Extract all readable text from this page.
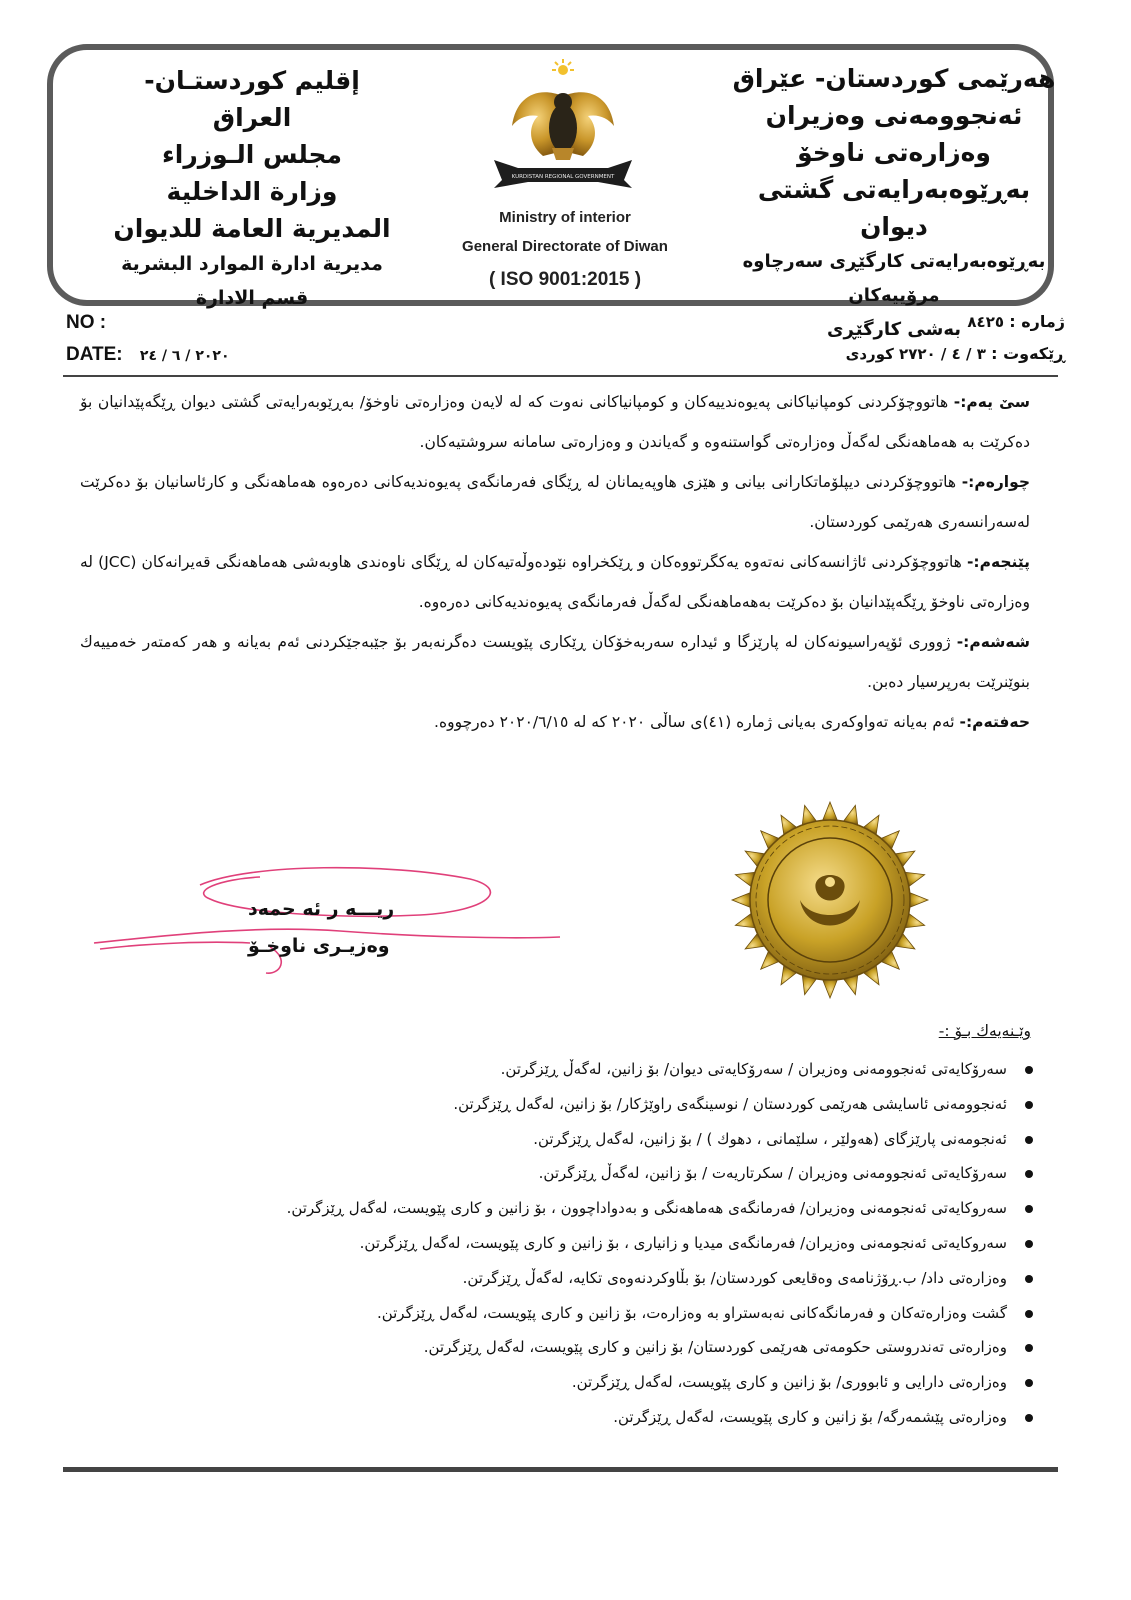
هەرێمی کوردستان- عێراق
ئەنجوومەنی وەزیران
وەزارەتی ناوخۆ
بەڕێوەبەرایەتی گشتی دیوان
بەڕێوەبەرایەتی كارگێڕی سەرچاوە مرۆییەکان
بەشی كارگێڕی
إقليم كوردستـان- العراق
مجلس الـوزراء
وزارة الداخلية
المديرية العامة للديوان
مديرية ادارة الموارد البشرية
قسم الادارة
KURDISTAN REGIONAL GOVERNMENT
Ministry of interior
General Directorate of Diwan
( ISO 9001:2015 )
NO :	ژمارە : ٨٤٢٥
DATE: ٢٠٢٠ / ٦ / ٢٤	ڕێکەوت : ٣ / ٤ / ٢٧٢٠ كوردی

سێ یەم:- هاتووچۆکردنی کومپانیاکانی پەیوەندییەکان و کومپانیاکانی نەوت کە لە لایەن وەزارەتی ناوخۆ/ بەڕێوبەرایەتی گشتی دیوان ڕێگەپێدانیان بۆ دەکرێت بە هەماهەنگی لەگەڵ وەزارەتی گواستنەوە و گەیاندن و وەزارەتی سامانە سروشتیەکان.

چوارەم:- هاتووچۆکردنی دیپلۆماتکارانی بیانی و هێزی هاوپەیمانان لە ڕێگای فەرمانگەی پەیوەندیەکانی دەرەوە هەماهەنگی و کارئاسانیان بۆ دەکرێت لەسەرانسەری هەرێمی کوردستان.

پێنجەم:- هاتووچۆکردنی ئاژانسەکانی نەتەوە یەکگرتووەکان و ڕێکخراوە نێودەوڵەتیەکان لە ڕێگای ناوەندی هاوبەشی هەماهەنگی قەیرانەکان (JCC) لە وەزارەتی ناوخۆ ڕێگەپێدانیان بۆ دەکرێت بەهەماهەنگی لەگەڵ فەرمانگەی پەیوەندیەکانی دەرەوە.

شەشەم:- ژووری ئۆپەراسیونەکان لە پارێزگا و ئیدارە سەربەخۆکان ڕێکاری پێویست دەگرنەبەر بۆ جێبەجێکردنی ئەم بەیانە و هەر کەمتەر خەمییەك بنوێنرێت بەرپرسیار دەبن.

حەفتەم:- ئەم بەیانە تەواوکەری بەیانی ژمارە (٤١)ی ساڵی ٢٠٢٠ کە لە ٢٠٢٠/٦/١٥ دەرچووە.

ریـــە ر ئە حمەد
وەزیـری ناوخـۆ
وێـنەیەك بـۆ :-
سەرۆكایەتی ئەنجوومەنی وەزیران / سەرۆكایەتی دیوان/ بۆ زانین، لەگەڵ ڕێزگرتن.
ئەنجوومەنی ئاسایشی هەرێمی کوردستان / نوسینگەی راوێژکار/ بۆ زانین، لەگەل ڕێزگرتن.
ئەنجومەنی پارێزگای (هەولێر ، سلێمانی ، دهوك ) / بۆ زانین، لەگەل ڕێزگرتن.
سەرۆكایەتی ئەنجوومەنی وەزیران / سکرتاریەت / بۆ زانین، لەگەڵ ڕێزگرتن.
سەروکایەتی ئەنجومەنی وەزیران/ فەرمانگەی هەماهەنگی و بەدواداچوون ، بۆ زانین و کاری پێویست، لەگەل ڕێزگرتن.
سەروکایەتی ئەنجومەنی وەزیران/ فەرمانگەی میدیا و زانیاری ، بۆ زانین و کاری پێویست، لەگەل ڕێزگرتن.
وەزارەتی داد/ ب.ڕۆژنامەی وەقایعی کوردستان/ بۆ بڵاوکردنەوەی تکایە، لەگەڵ ڕێزگرتن.
گشت وەزارەتەكان و فەرمانگەكانی نەبەستراو بە وەزارەت، بۆ زانین و كاری پێویست، لەگەل ڕێزگرتن.
وەزارەتی تەندروستی حکومەتی هەرێمی کوردستان/ بۆ زانین و کاری پێویست، لەگەل ڕێزگرتن.
وەزارەتی دارایی و ئابووری/ بۆ زانین و کاری پێویست، لەگەل ڕێزگرتن.
وەزارەتی پێشمەرگە/ بۆ زانین و کاری پێویست، لەگەل ڕێزگرتن.
